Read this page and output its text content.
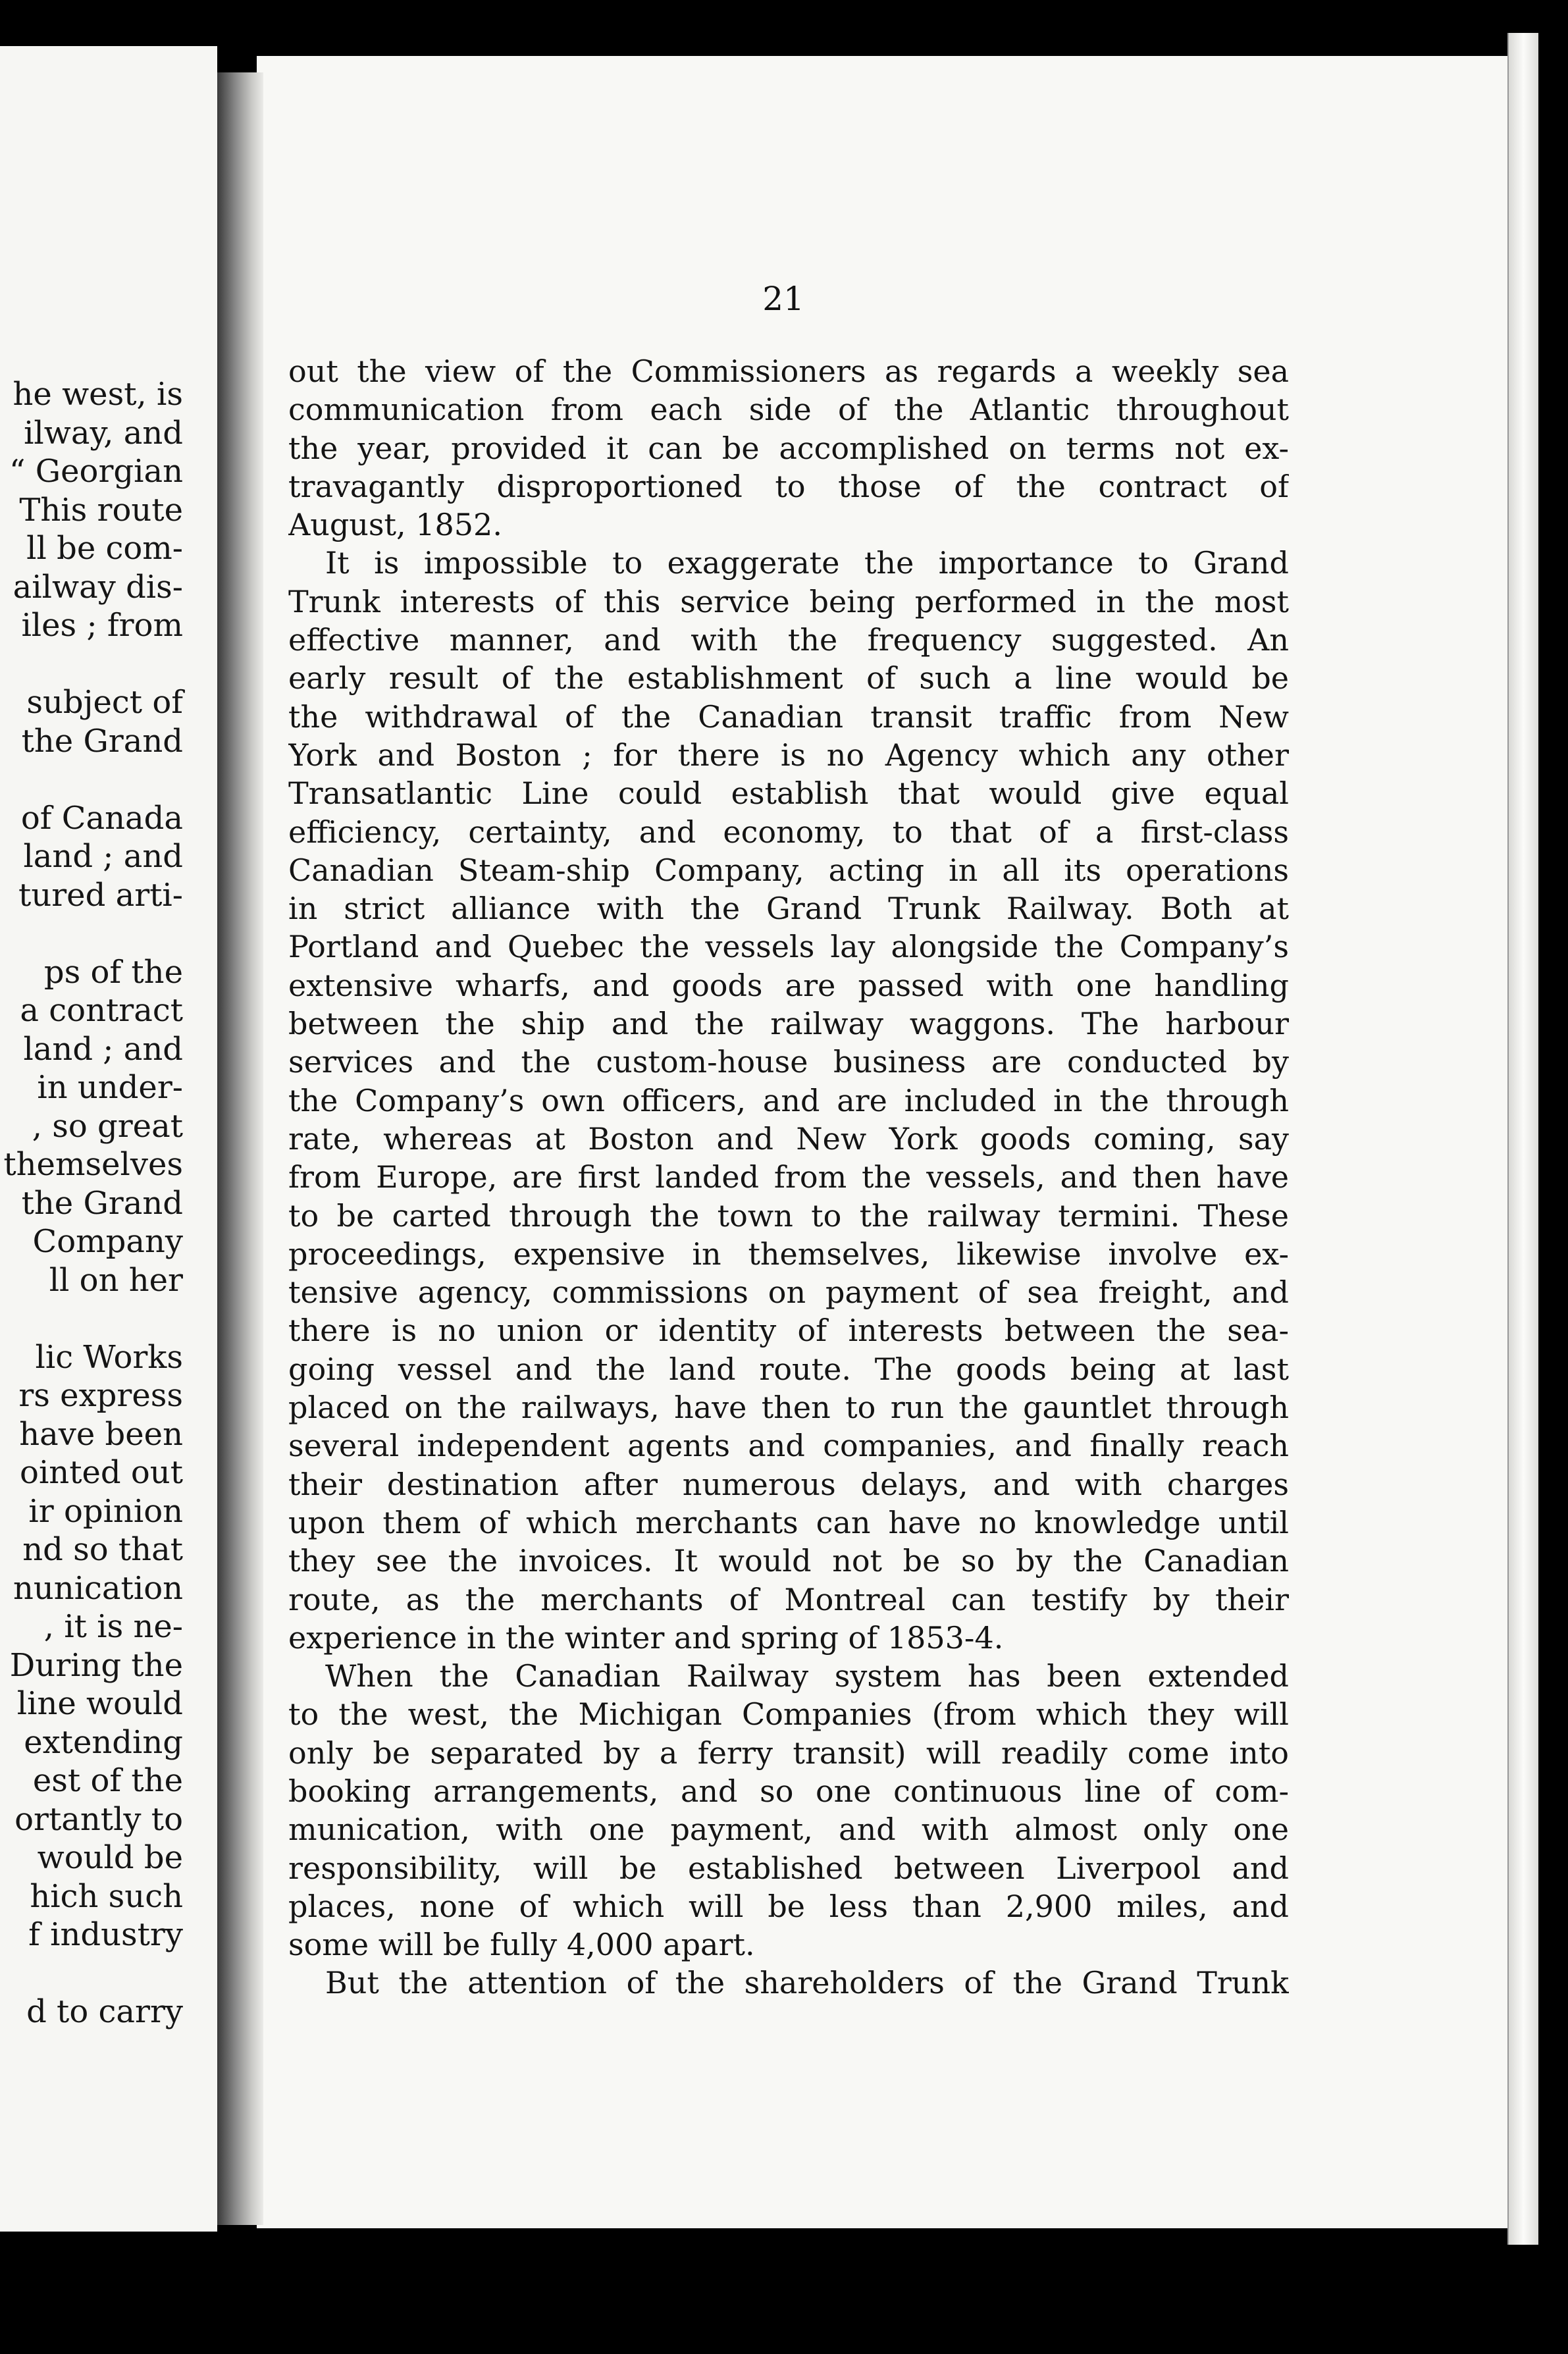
he west, is
ilway, and
“ Georgian
This route
ll be com-
ailway dis-
iles ; from
subject of
the Grand
of Canada
land ; and
tured arti-
ps of the
a contract
land ; and
in under-
, so great
themselves
the Grand
Company
ll on her
lic Works
rs express
have been
ointed out
ir opinion
nd so that
nunication
, it is ne-
During the
line would
extending
est of the
ortantly to
would be
hich such
f industry
d to carry
21
out the view of the Commissioners as regards a weekly sea
communication from each side of the Atlantic throughout
the year, provided it can be accomplished on terms not ex-
travagantly disproportioned to those of the contract of
August, 1852.
It is impossible to exaggerate the importance to Grand
Trunk interests of this service being performed in the most
effective manner, and with the frequency suggested. An
early result of the establishment of such a line would be
the withdrawal of the Canadian transit traffic from New
York and Boston ; for there is no Agency which any other
Transatlantic Line could establish that would give equal
efficiency, certainty, and economy, to that of a first-class
Canadian Steam-ship Company, acting in all its operations
in strict alliance with the Grand Trunk Railway. Both at
Portland and Quebec the vessels lay alongside the Company’s
extensive wharfs, and goods are passed with one handling
between the ship and the railway waggons. The harbour
services and the custom-house business are conducted by
the Company’s own officers, and are included in the through
rate, whereas at Boston and New York goods coming, say
from Europe, are first landed from the vessels, and then have
to be carted through the town to the railway termini. These
proceedings, expensive in themselves, likewise involve ex-
tensive agency, commissions on payment of sea freight, and
there is no union or identity of interests between the sea-
going vessel and the land route. The goods being at last
placed on the railways, have then to run the gauntlet through
several independent agents and companies, and finally reach
their destination after numerous delays, and with charges
upon them of which merchants can have no knowledge until
they see the invoices. It would not be so by the Canadian
route, as the merchants of Montreal can testify by their
experience in the winter and spring of 1853-4.
When the Canadian Railway system has been extended
to the west, the Michigan Companies (from which they will
only be separated by a ferry transit) will readily come into
booking arrangements, and so one continuous line of com-
munication, with one payment, and with almost only one
responsibility, will be established between Liverpool and
places, none of which will be less than 2,900 miles, and
some will be fully 4,000 apart.
But the attention of the shareholders of the Grand Trunk
